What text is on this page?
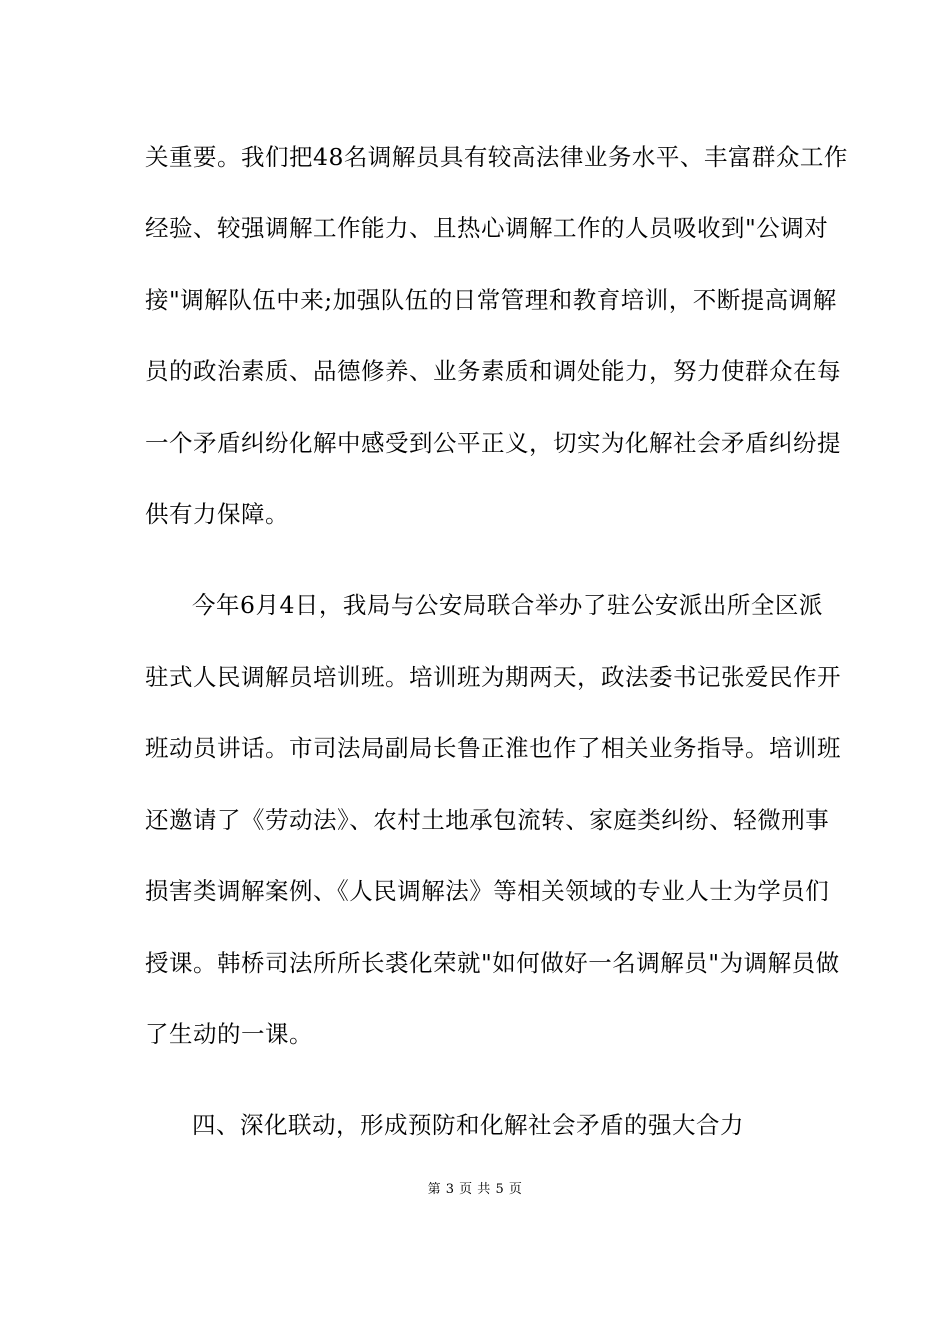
关重要。我们把48名调解员具有较高法律业务水平、丰富群众工作
经验、较强调解工作能力、且热心调解工作的人员吸收到"公调对
接"调解队伍中来;加强队伍的日常管理和教育培训，不断提高调解
员的政治素质、品德修养、业务素质和调处能力，努力使群众在每
一个矛盾纠纷化解中感受到公平正义，切实为化解社会矛盾纠纷提
供有力保障。
今年6月4日，我局与公安局联合举办了驻公安派出所全区派
驻式人民调解员培训班。培训班为期两天，政法委书记张爱民作开
班动员讲话。市司法局副局长鲁正淮也作了相关业务指导。培训班
还邀请了《劳动法》、农村土地承包流转、家庭类纠纷、轻微刑事
损害类调解案例、《人民调解法》等相关领域的专业人士为学员们
授课。韩桥司法所所长裘化荣就"如何做好一名调解员"为调解员做
了生动的一课。
四、深化联动，形成预防和化解社会矛盾的强大合力
第 3 页 共 5 页
